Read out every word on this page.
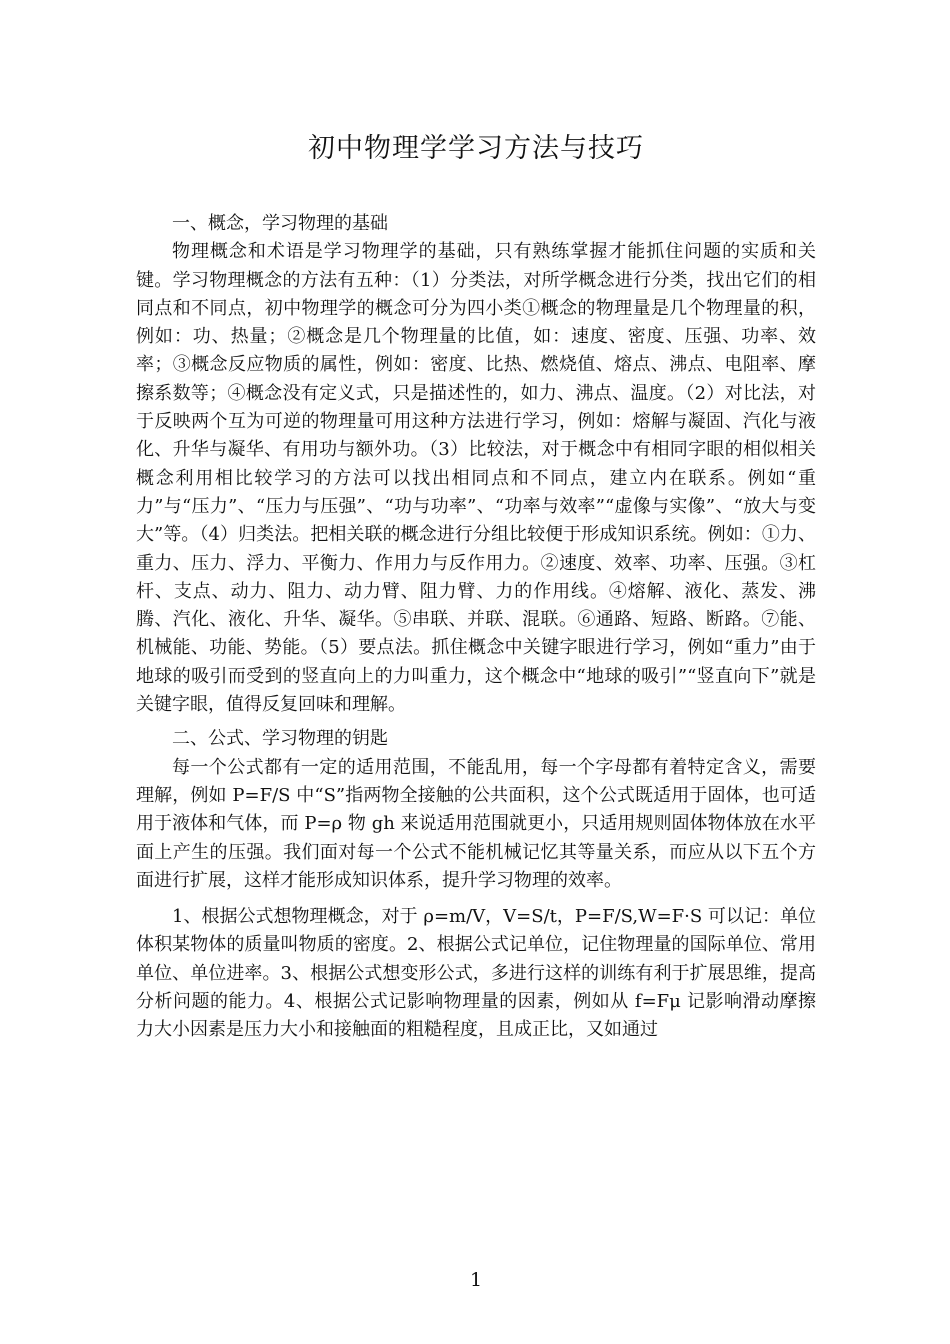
初中物理学学习方法与技巧

一、概念，学习物理的基础

物理概念和术语是学习物理学的基础，只有熟练掌握才能抓住问题的实质和关键。学习物理概念的方法有五种：（1）分类法，对所学概念进行分类，找出它们的相同点和不同点，初中物理学的概念可分为四小类①概念的物理量是几个物理量的积，例如：功、热量；②概念是几个物理量的比值，如：速度、密度、压强、功率、效率；③概念反应物质的属性，例如：密度、比热、燃烧值、熔点、沸点、电阻率、摩擦系数等；④概念没有定义式，只是描述性的，如力、沸点、温度。（2）对比法，对于反映两个互为可逆的物理量可用这种方法进行学习，例如：熔解与凝固、汽化与液化、升华与凝华、有用功与额外功。（3）比较法，对于概念中有相同字眼的相似相关概念利用相比较学习的方法可以找出相同点和不同点，建立内在联系。例如“重力”与“压力”、“压力与压强”、“功与功率”、“功率与效率”“虚像与实像”、“放大与变大”等。（4）归类法。把相关联的概念进行分组比较便于形成知识系统。例如：①力、重力、压力、浮力、平衡力、作用力与反作用力。②速度、效率、功率、压强。③杠杆、支点、动力、阻力、动力臂、阻力臂、力的作用线。④熔解、液化、蒸发、沸腾、汽化、液化、升华、凝华。⑤串联、并联、混联。⑥通路、短路、断路。⑦能、机械能、功能、势能。（5）要点法。抓住概念中关键字眼进行学习，例如“重力”由于地球的吸引而受到的竖直向上的力叫重力，这个概念中“地球的吸引”“竖直向下”就是关键字眼，值得反复回味和理解。

二、公式、学习物理的钥匙

每一个公式都有一定的适用范围，不能乱用，每一个字母都有着特定含义，需要理解，例如 P=F/S 中“S”指两物全接触的公共面积，这个公式既适用于固体，也可适用于液体和气体，而 P=ρ 物 gh 来说适用范围就更小，只适用规则固体物体放在水平面上产生的压强。我们面对每一个公式不能机械记忆其等量关系，而应从以下五个方面进行扩展，这样才能形成知识体系，提升学习物理的效率。

1、根据公式想物理概念，对于 ρ=m/V，V=S/t，P=F/S,W=F·S 可以记：单位体积某物体的质量叫物质的密度。2、根据公式记单位，记住物理量的国际单位、常用单位、单位进率。3、根据公式想变形公式，多进行这样的训练有利于扩展思维，提高分析问题的能力。4、根据公式记影响物理量的因素，例如从 f=Fμ 记影响滑动摩擦力大小因素是压力大小和接触面的粗糙程度，且成正比，又如通过

1
